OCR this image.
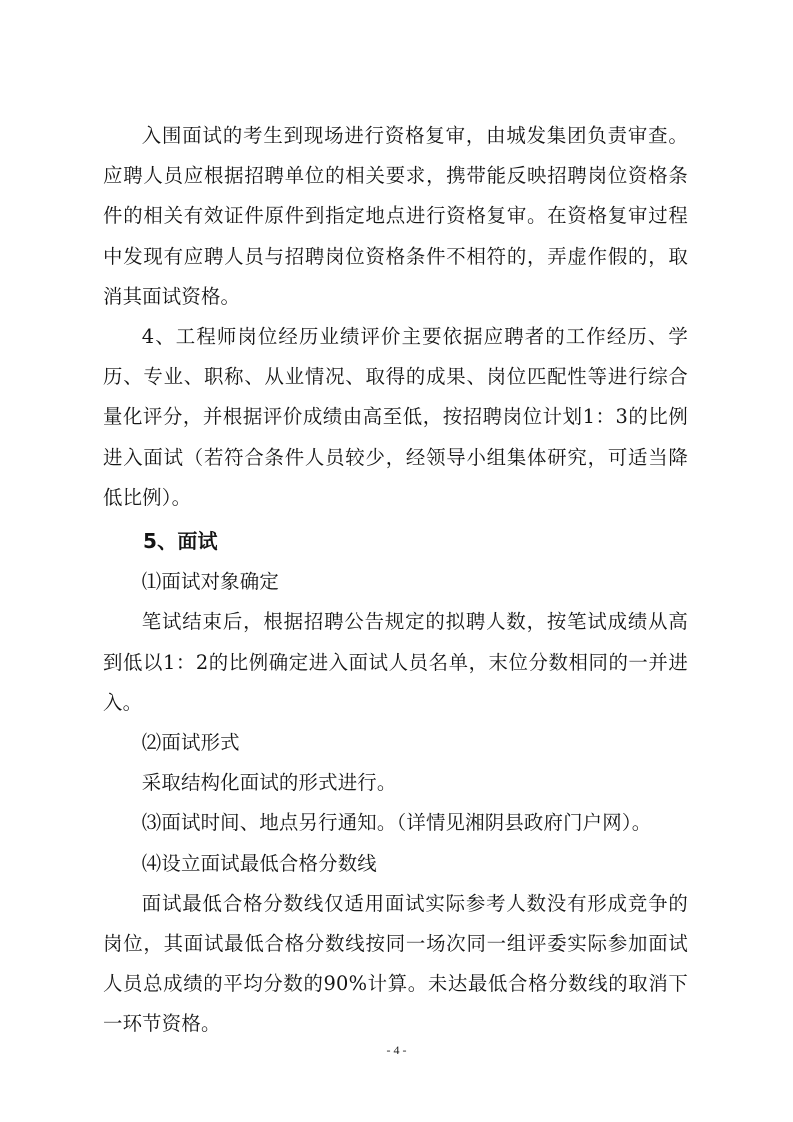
入围面试的考生到现场进行资格复审，由城发集团负责审查。应聘人员应根据招聘单位的相关要求，携带能反映招聘岗位资格条件的相关有效证件原件到指定地点进行资格复审。在资格复审过程中发现有应聘人员与招聘岗位资格条件不相符的，弄虚作假的，取消其面试资格。

4、工程师岗位经历业绩评价主要依据应聘者的工作经历、学历、专业、职称、从业情况、取得的成果、岗位匹配性等进行综合量化评分，并根据评价成绩由高至低，按招聘岗位计划1：3的比例进入面试（若符合条件人员较少，经领导小组集体研究，可适当降低比例）。

5、面试

⑴面试对象确定

笔试结束后，根据招聘公告规定的拟聘人数，按笔试成绩从高到低以1：2的比例确定进入面试人员名单，末位分数相同的一并进入。

⑵面试形式

采取结构化面试的形式进行。

⑶面试时间、地点另行通知。（详情见湘阴县政府门户网）。

⑷设立面试最低合格分数线

面试最低合格分数线仅适用面试实际参考人数没有形成竞争的岗位，其面试最低合格分数线按同一场次同一组评委实际参加面试人员总成绩的平均分数的90%计算。未达最低合格分数线的取消下一环节资格。

- 4 -
